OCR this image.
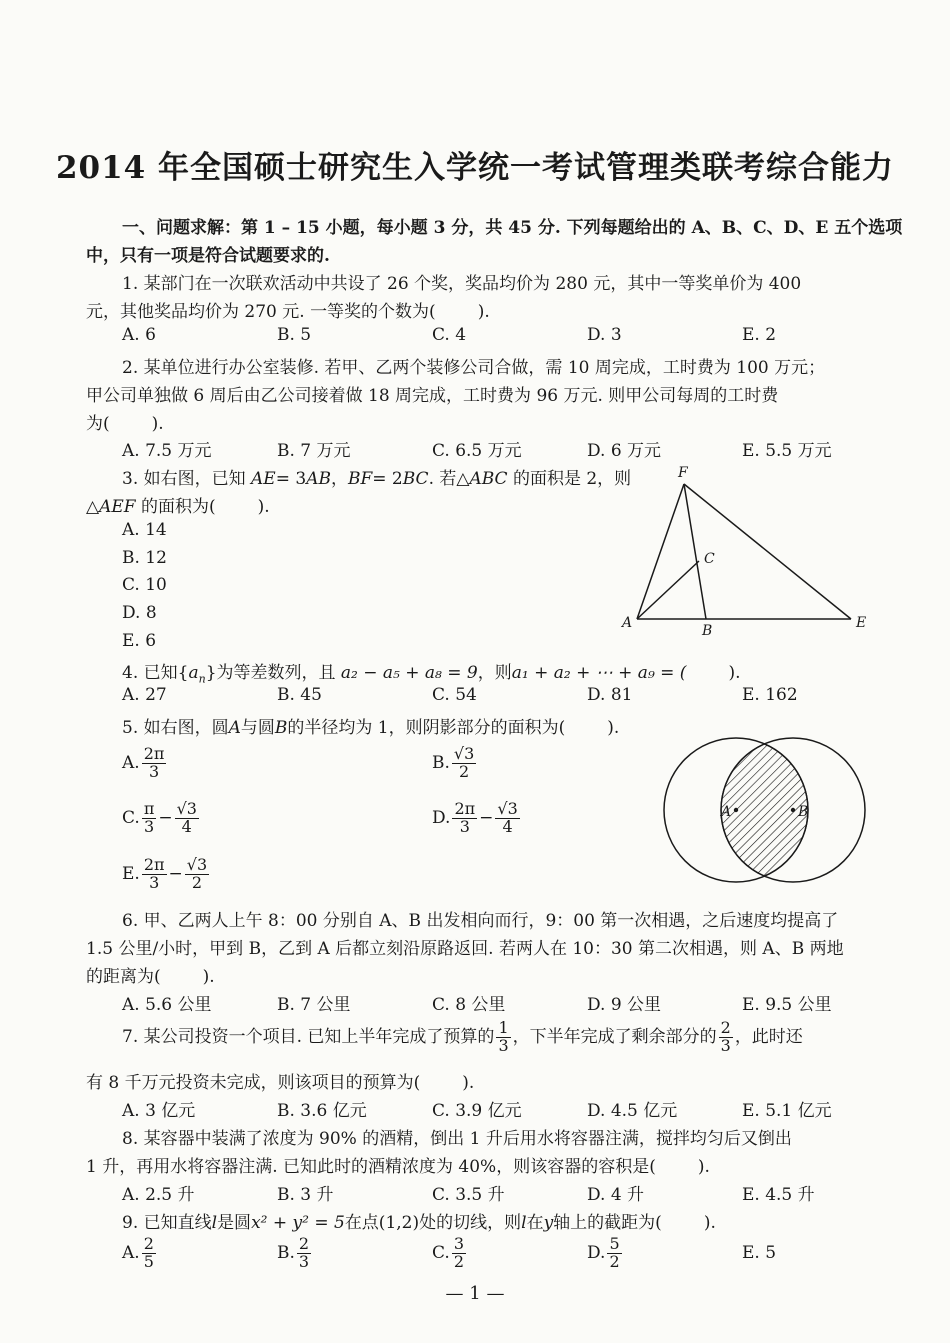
2014 年全国硕士研究生入学统一考试管理类联考综合能力
一、问题求解：第 1 – 15 小题，每小题 3 分，共 45 分. 下列每题给出的 A、B、C、D、E 五个选项
中，只有一项是符合试题要求的.
1. 某部门在一次联欢活动中共设了 26 个奖，奖品均价为 280 元，其中一等奖单价为 400
元，其他奖品均价为 270 元. 一等奖的个数为( ).
A. 6	B. 5	C. 4	D. 3	E. 2
2. 某单位进行办公室装修. 若甲、乙两个装修公司合做，需 10 周完成，工时费为 100 万元；
甲公司单独做 6 周后由乙公司接着做 18 周完成，工时费为 96 万元. 则甲公司每周的工时费
为( ).
A. 7.5 万元	B. 7 万元	C. 6.5 万元	D. 6 万元	E. 5.5 万元
3. 如右图，已知 AE= 3AB，BF= 2BC. 若△ABC 的面积是 2，则
△AEF 的面积为( ).
A. 14
B. 12
C. 10
D. 8
E. 6
F
C
A	B	E
4. 已知$\{a_n\}$为等差数列，且 a₂ − a₅ + a₈ = 9，则a₁ + a₂ + ⋯ + a₉ = ( ).
A. 27	B. 45	C. 54	D. 81	E. 162
5. 如右图，圆A与圆B的半径均为 1，则阴影部分的面积为( ).
A. $\frac{2\pi}{3}$	B. $\frac{√3}{2}$
C. $\frac{\pi}{3} - \frac{√3}{4}$	D. $\frac{2\pi}{3} - \frac{√3}{4}$
E. $\frac{2\pi}{3} - \frac{√3}{2}$
A	B
6. 甲、乙两人上午 8：00 分别自 A、B 出发相向而行，9：00 第一次相遇，之后速度均提高了
1.5 公里/小时，甲到 B，乙到 A 后都立刻沿原路返回. 若两人在 10：30 第二次相遇，则 A、B 两地
的距离为( ).
A. 5.6 公里	B. 7 公里	C. 8 公里	D. 9 公里	E. 9.5 公里
7. 某公司投资一个项目. 已知上半年完成了预算的 $\frac{1}{3}$ ，下半年完成了剩余部分的 $\frac{2}{3}$ ，此时还
有 8 千万元投资未完成，则该项目的预算为( ).
A. 3 亿元	B. 3.6 亿元	C. 3.9 亿元	D. 4.5 亿元	E. 5.1 亿元
8. 某容器中装满了浓度为 90% 的酒精，倒出 1 升后用水将容器注满，搅拌均匀后又倒出
1 升，再用水将容器注满. 已知此时的酒精浓度为 40%，则该容器的容积是( ).
A. 2.5 升	B. 3 升	C. 3.5 升	D. 4 升	E. 4.5 升
9. 已知直线l是圆x² + y² = 5在点(1,2)处的切线，则l在y轴上的截距为( ).
A. $\frac{2}{5}$	B. $\frac{2}{3}$	C. $\frac{3}{2}$	D. $\frac{5}{2}$	E. 5
— 1 —
